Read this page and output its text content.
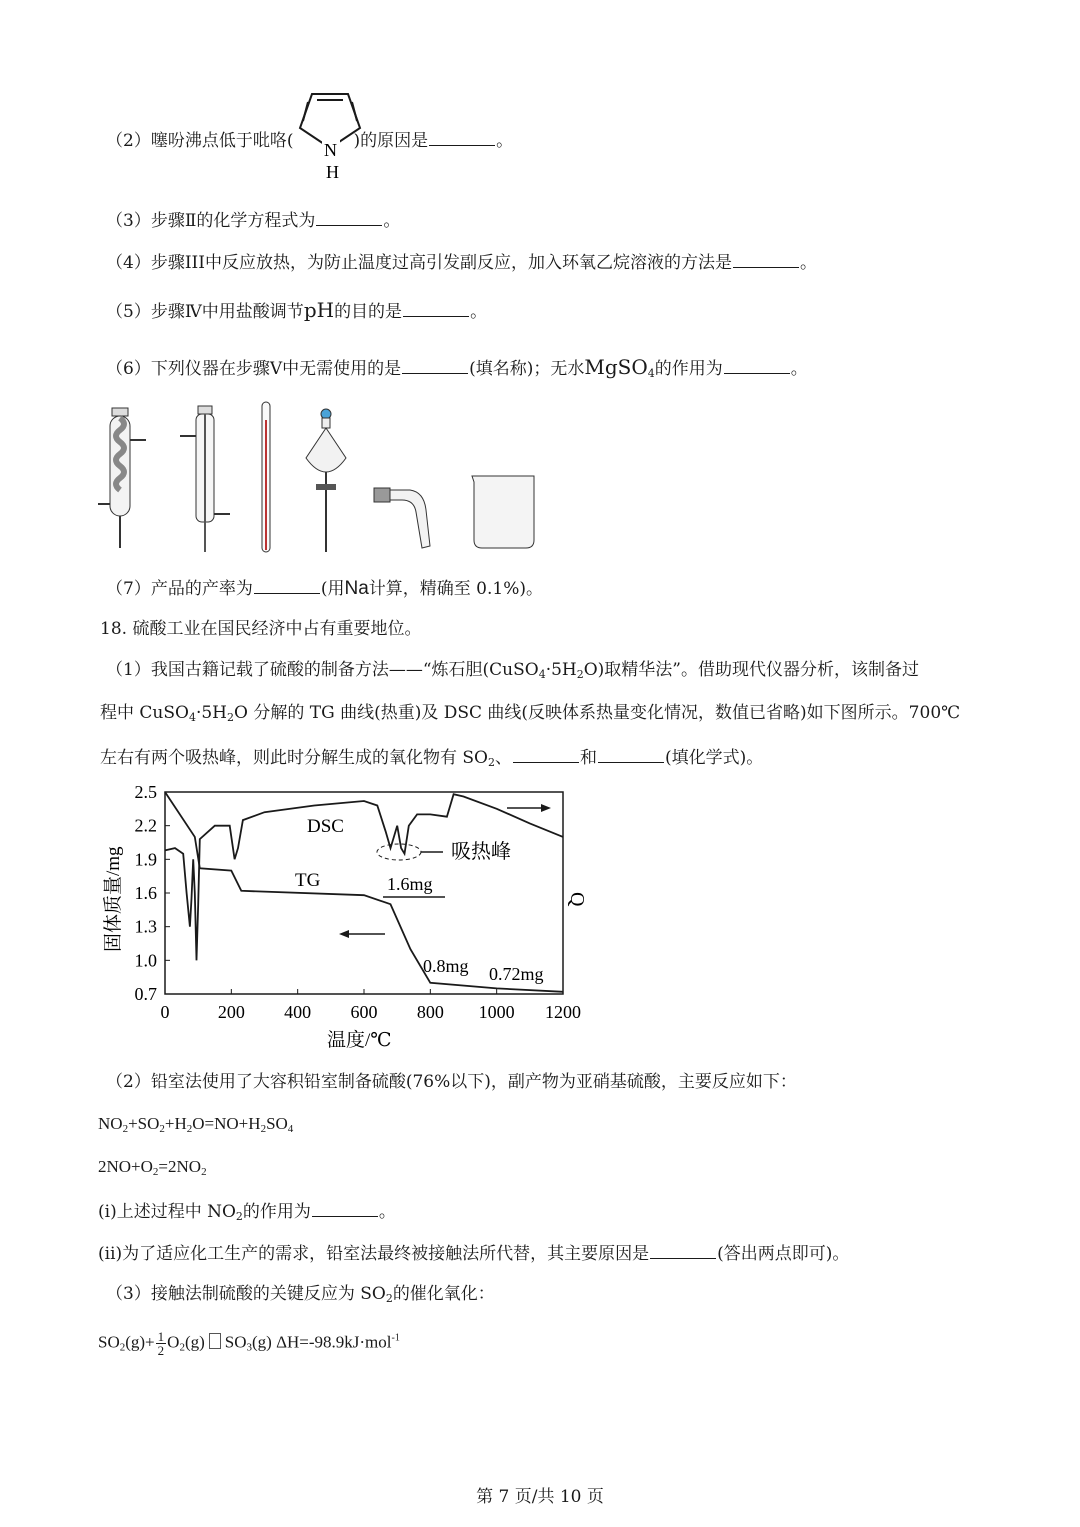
（2）噻吩沸点低于吡咯(	)的原因是	。
N
H
（3）步骤Ⅱ的化学方程式为	。
（4）步骤III中反应放热，为防止温度过高引发副反应，加入环氧乙烷溶液的方法是	。
（5）步骤Ⅳ中用盐酸调节pH的目的是	。
（6）下列仪器在步骤Ⅴ中无需使用的是	(填名称)；无水MgSO$_4$的作用为	。
（7）产品的产率为	(用Na计算，精确至 0.1%)。
18. 硫酸工业在国民经济中占有重要地位。
（1）我国古籍记载了硫酸的制备方法——“炼石胆$(CuSO_4\cdot 5H_2O)$取精华法”。借助现代仪器分析，该制备过
程中 $CuSO_4\cdot 5H_2O$ 分解的 TG 曲线(热重)及 DSC 曲线(反映体系热量变化情况，数值已省略)如下图所示。700℃
左右有两个吸热峰，则此时分解生成的氧化物有 $SO_2$、	和	(填化学式)。
2.5
2.2
1.9
1.6
1.3
1.0
0.7
0	200 400 600 800 1000 1200
DSC
TG
吸热峰
1.6mg
0.8mg 0.72mg
固体质量/mg	Q
温度/℃
（2）铅室法使用了大容积铅室制备硫酸(76%以下)，副产物为亚硝基硫酸，主要反应如下：
$NO_2+SO_2+H_2O=NO+H_2SO_4$
$2NO+O_2=2NO_2$
(ⅰ)上述过程中 $NO_2$的作用为	。
(ⅱ)为了适应化工生产的需求，铅室法最终被接触法所代替，其主要原因是	(答出两点即可)。
（3）接触法制硫酸的关键反应为 $SO_2$的催化氧化：
$SO_2(g)+ \frac{1}{2} O_2(g)$ $SO_3(g)$ ΔH=-98.9kJ·mol$^{-1}$
第 7 页/共 10 页
